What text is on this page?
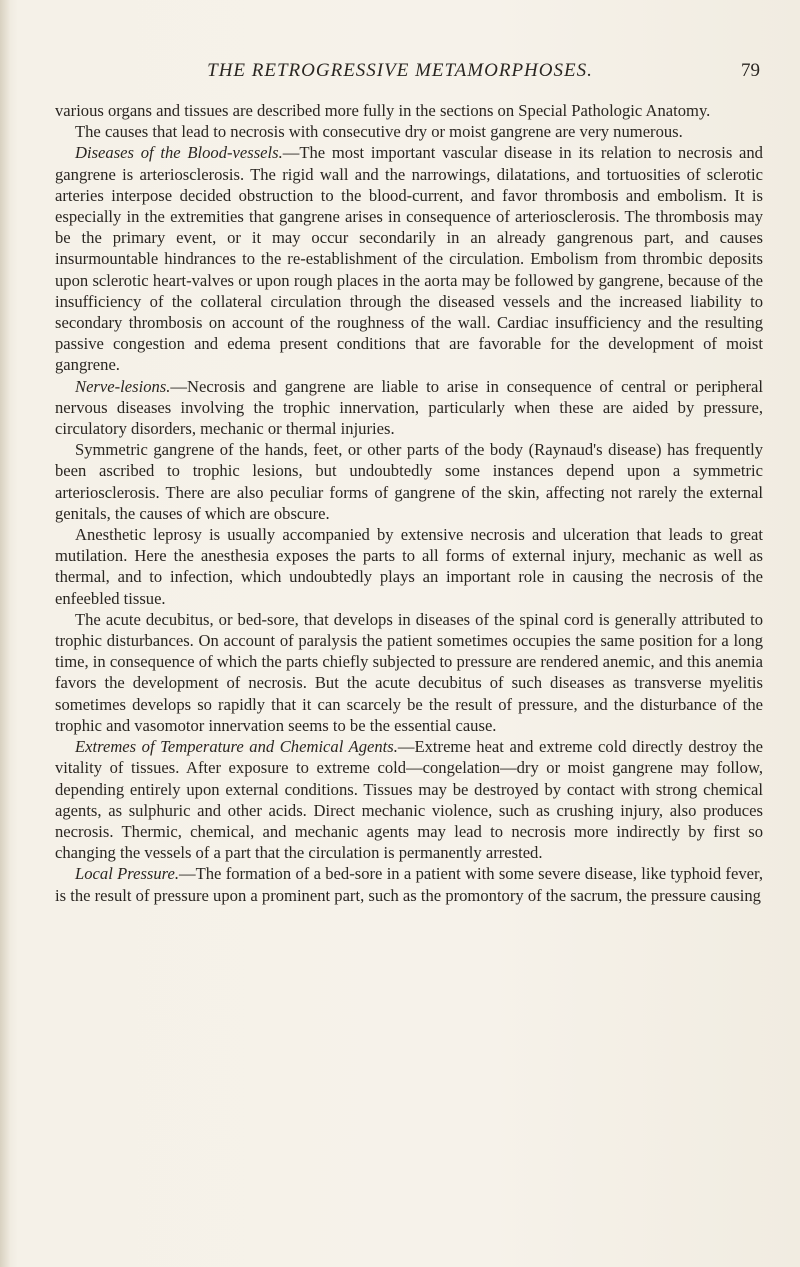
THE RETROGRESSIVE METAMORPHOSES.	79

various organs and tissues are described more fully in the sections on Special Pathologic Anatomy.

The causes that lead to necrosis with consecutive dry or moist gangrene are very numerous.

Diseases of the Blood-vessels.—The most important vascular disease in its relation to necrosis and gangrene is arteriosclerosis. The rigid wall and the narrowings, dilatations, and tortuosities of sclerotic arteries interpose decided obstruction to the blood-current, and favor thrombosis and embolism. It is especially in the extremities that gangrene arises in consequence of arteriosclerosis. The thrombosis may be the primary event, or it may occur secondarily in an already gangrenous part, and causes insurmountable hindrances to the re-establishment of the circulation. Embolism from thrombic deposits upon sclerotic heart-valves or upon rough places in the aorta may be followed by gangrene, because of the insufficiency of the collateral circulation through the diseased vessels and the increased liability to secondary thrombosis on account of the roughness of the wall. Cardiac insufficiency and the resulting passive congestion and edema present conditions that are favorable for the development of moist gangrene.

Nerve-lesions.—Necrosis and gangrene are liable to arise in consequence of central or peripheral nervous diseases involving the trophic innervation, particularly when these are aided by pressure, circulatory disorders, mechanic or thermal injuries.

Symmetric gangrene of the hands, feet, or other parts of the body (Raynaud's disease) has frequently been ascribed to trophic lesions, but undoubtedly some instances depend upon a symmetric arteriosclerosis. There are also peculiar forms of gangrene of the skin, affecting not rarely the external genitals, the causes of which are obscure.

Anesthetic leprosy is usually accompanied by extensive necrosis and ulceration that leads to great mutilation. Here the anesthesia exposes the parts to all forms of external injury, mechanic as well as thermal, and to infection, which undoubtedly plays an important role in causing the necrosis of the enfeebled tissue.

The acute decubitus, or bed-sore, that develops in diseases of the spinal cord is generally attributed to trophic disturbances. On account of paralysis the patient sometimes occupies the same position for a long time, in consequence of which the parts chiefly subjected to pressure are rendered anemic, and this anemia favors the development of necrosis. But the acute decubitus of such diseases as transverse myelitis sometimes develops so rapidly that it can scarcely be the result of pressure, and the disturbance of the trophic and vasomotor innervation seems to be the essential cause.

Extremes of Temperature and Chemical Agents.—Extreme heat and extreme cold directly destroy the vitality of tissues. After exposure to extreme cold—congelation—dry or moist gangrene may follow, depending entirely upon external conditions. Tissues may be destroyed by contact with strong chemical agents, as sulphuric and other acids. Direct mechanic violence, such as crushing injury, also produces necrosis. Thermic, chemical, and mechanic agents may lead to necrosis more indirectly by first so changing the vessels of a part that the circulation is permanently arrested.

Local Pressure.—The formation of a bed-sore in a patient with some severe disease, like typhoid fever, is the result of pressure upon a prominent part, such as the promontory of the sacrum, the pressure causing
